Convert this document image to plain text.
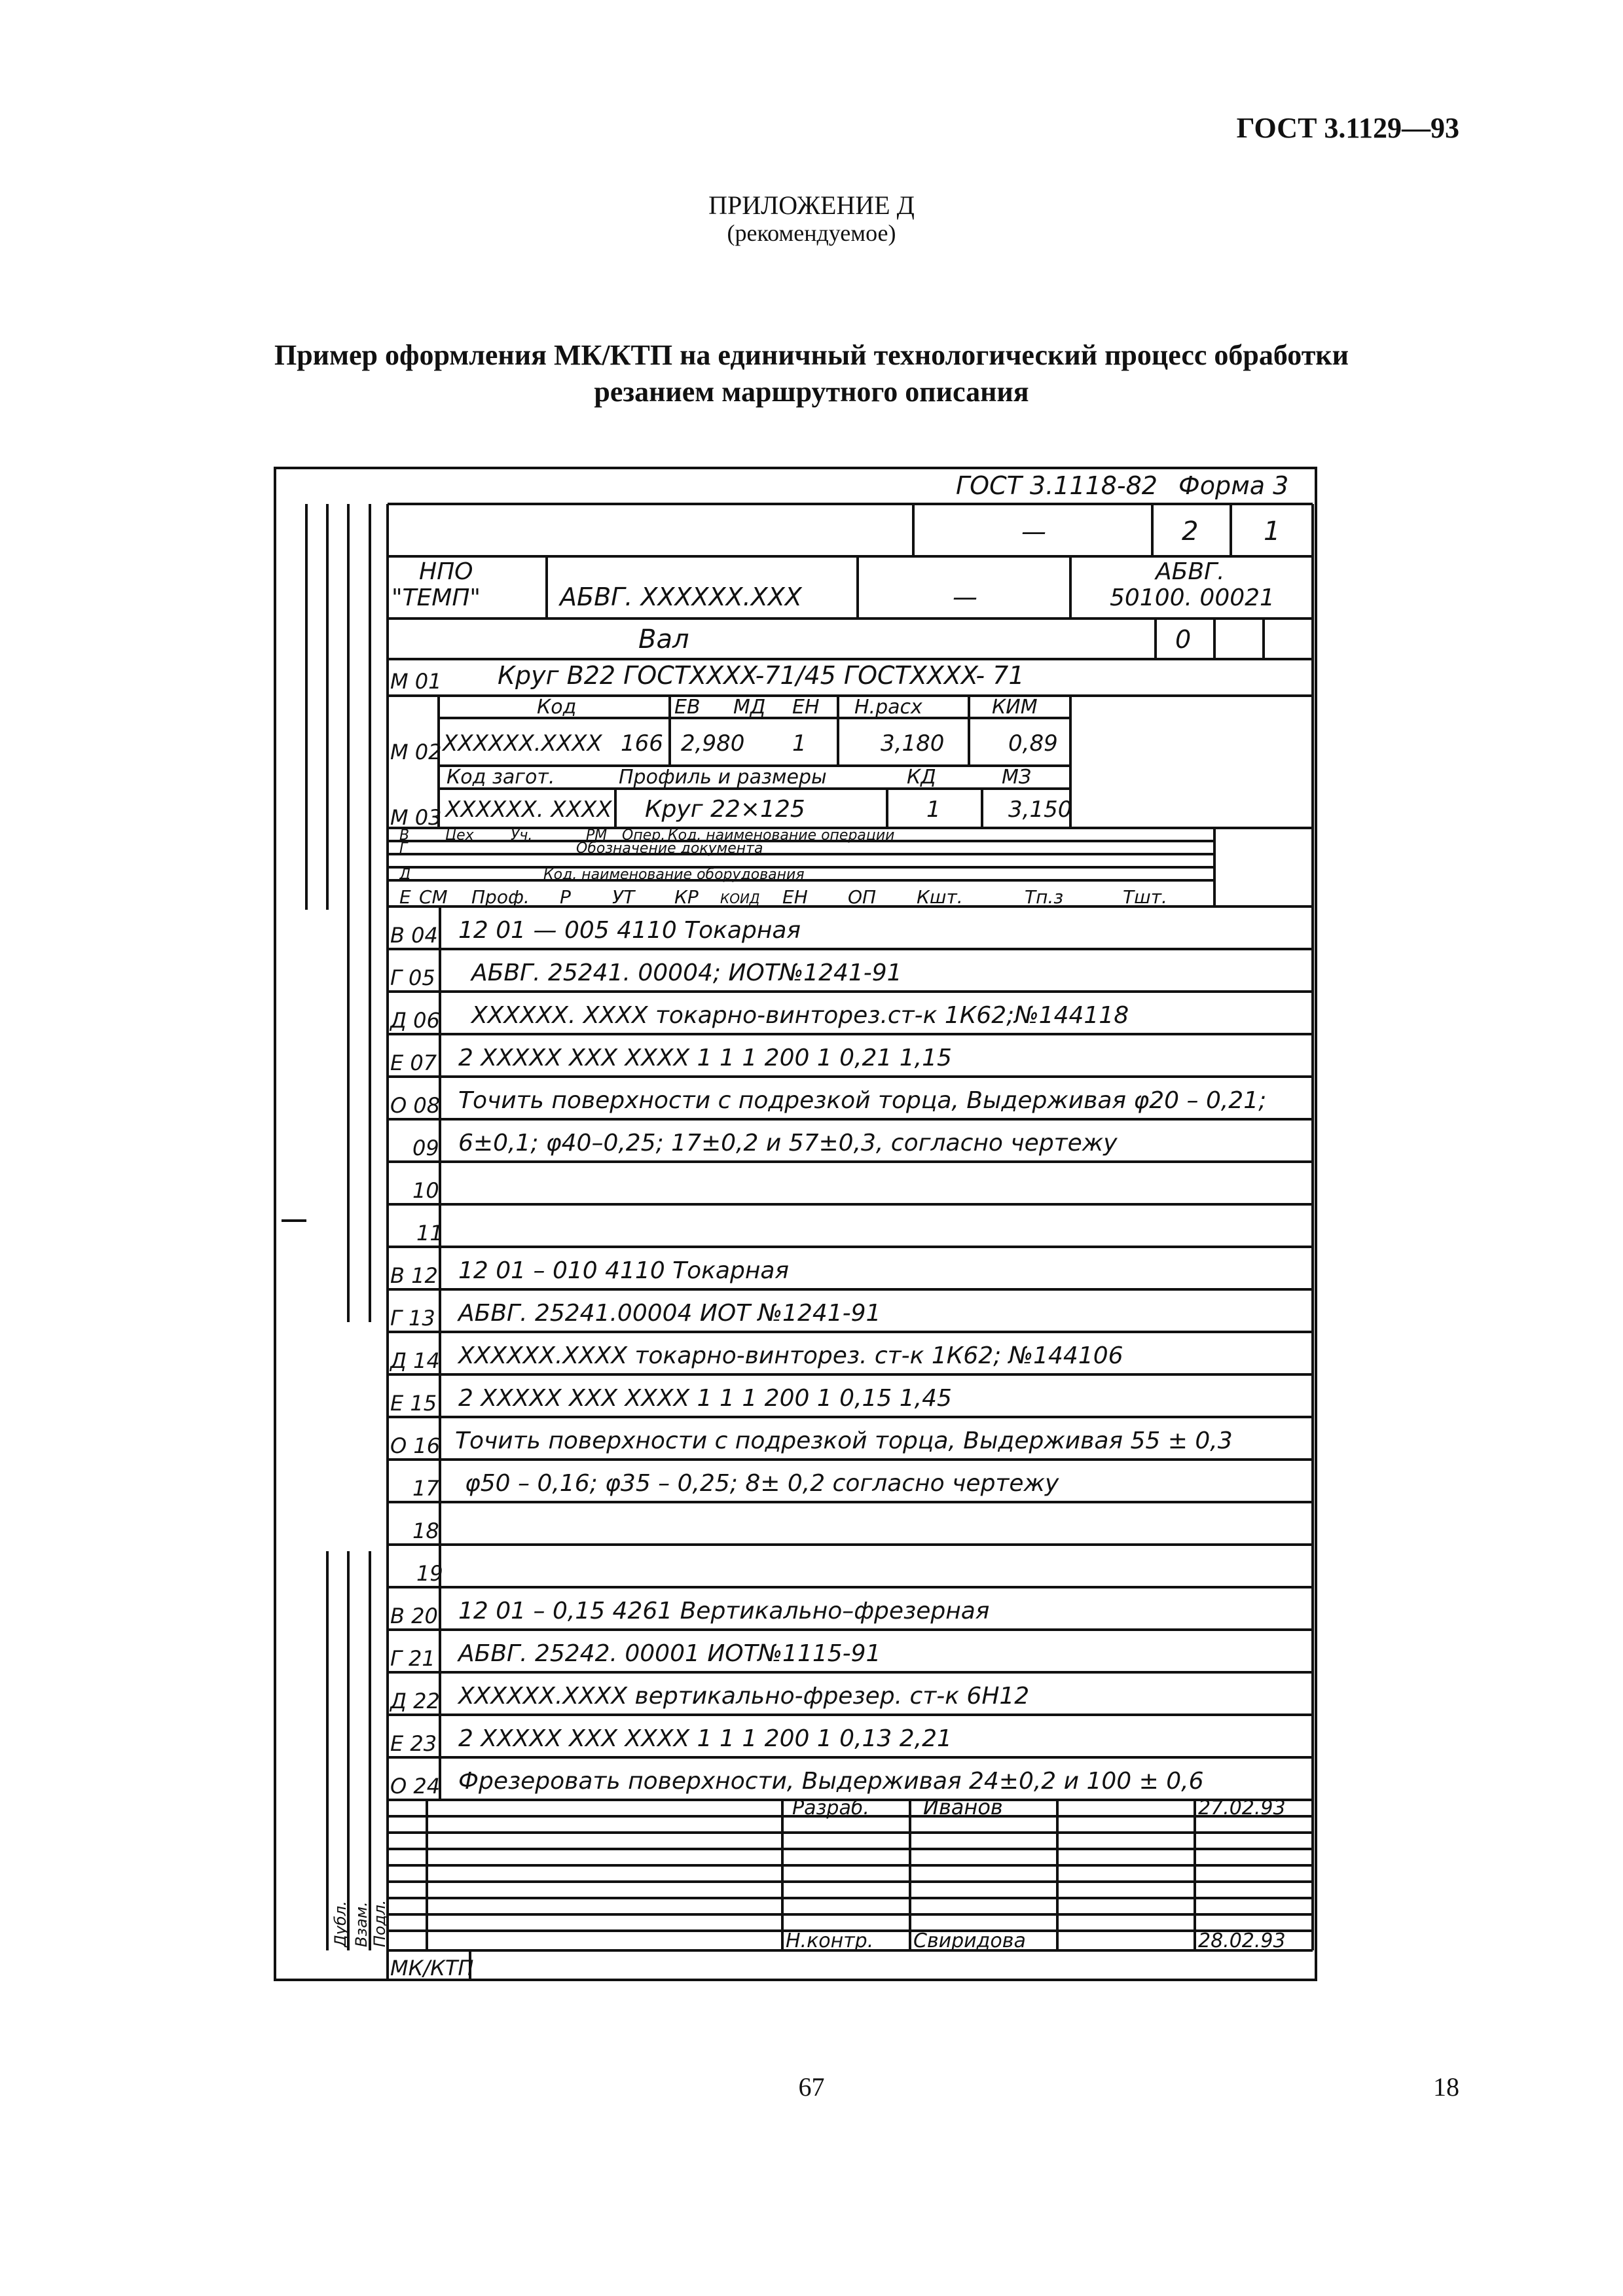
ГОСТ 3.1129—93
ПРИЛОЖЕНИЕ Д
(рекомендуемое)
Пример оформления МК/КТП на единичный технологический процесс обработки
резанием маршрутного описания
ГОСТ 3.1118-82 Форма 3
—	2 1
НПО
"ТЕМП"	АБВГ. XXXXXX.XXX	—
АБВГ.
50100. 00021
Вал	0
М 01 Круг В22 ГОСТXXXX-71/45 ГОСТXXXX- 71
Код	ЕВ МД ЕН Н.расх	КИМ
М 02 XXXXXX.XXXX 166 2,980 1	3,180	0,89
Код загот.	Профиль и размеры	КД	МЗ
М 03 XXXXXX. XXXX Круг 22×125	1	3,150
В Цех	Уч.	РМ Опер. Код, наименование операции
Г	Обозначение документа
Д	Код, наименование оборудования
Е СМ Проф. Р УТ КР КОИД ЕН ОП Кшт.	Тп.з	Тшт.
В 04 12 01 — 005 4110 Токарная
Г 05 АБВГ. 25241. 00004; ИОТ№1241-91
Д 06 XXXXXX. XXXX токарно-винторез.ст-к 1К62;№144118
Е 07 2 XXXXX XXX XXXX 1 1 1 200 1 0,21 1,15
О 08 Точить поверхности с подрезкой торца, Выдерживая φ20 – 0,21;
09 6±0,1; φ40–0,25; 17±0,2 и 57±0,3, согласно чертежу
10
11
В 12 12 01 – 010 4110 Токарная
Г 13 АБВГ. 25241.00004 ИОТ №1241-91
Д 14 XXXXXX.XXXX токарно-винторез. ст-к 1К62; №144106
Е 15 2 XXXXX XXX XXXX 1 1 1 200 1 0,15 1,45
О 16 Точить поверхности с подрезкой торца, Выдерживая 55 ± 0,3
17 φ50 – 0,16; φ35 – 0,25; 8± 0,2 согласно чертежу
18
19
В 20 12 01 – 0,15 4261 Вертикально–фрезерная
Г 21 АБВГ. 25242. 00001 ИОТ№1115-91
Д 22 XXXXXX.XXXX вертикально-фрезер. ст-к 6Н12
Е 23 2 XXXXX XXX XXXX 1 1 1 200 1 0,13 2,21
О 24 Фрезеровать поверхности, Выдерживая 24±0,2 и 100 ± 0,6
Разраб.	Иванов	27.02.93
Н.контр. Свиридова	28.02.93
Дубл. Взам. Подл.
МК/КТП
67	18
